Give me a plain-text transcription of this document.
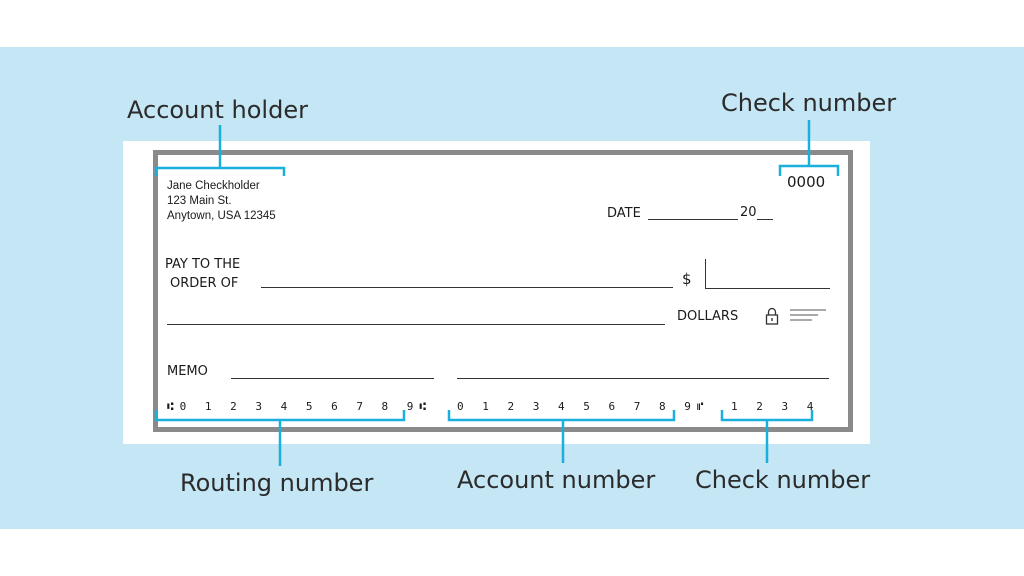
Account holder	Check number
Routing number	Account number Check number
Jane Checkholder
123 Main St.
Anytown, USA 12345
0000
DATE	20
PAY TO THE
ORDER OF	$
DOLLARS
MEMO
⑆0 1 2 3 4 5 6 7 8 9⑆ 0 1 2 3 4 5 6 7 8 9⑈ 1 2 3 4
